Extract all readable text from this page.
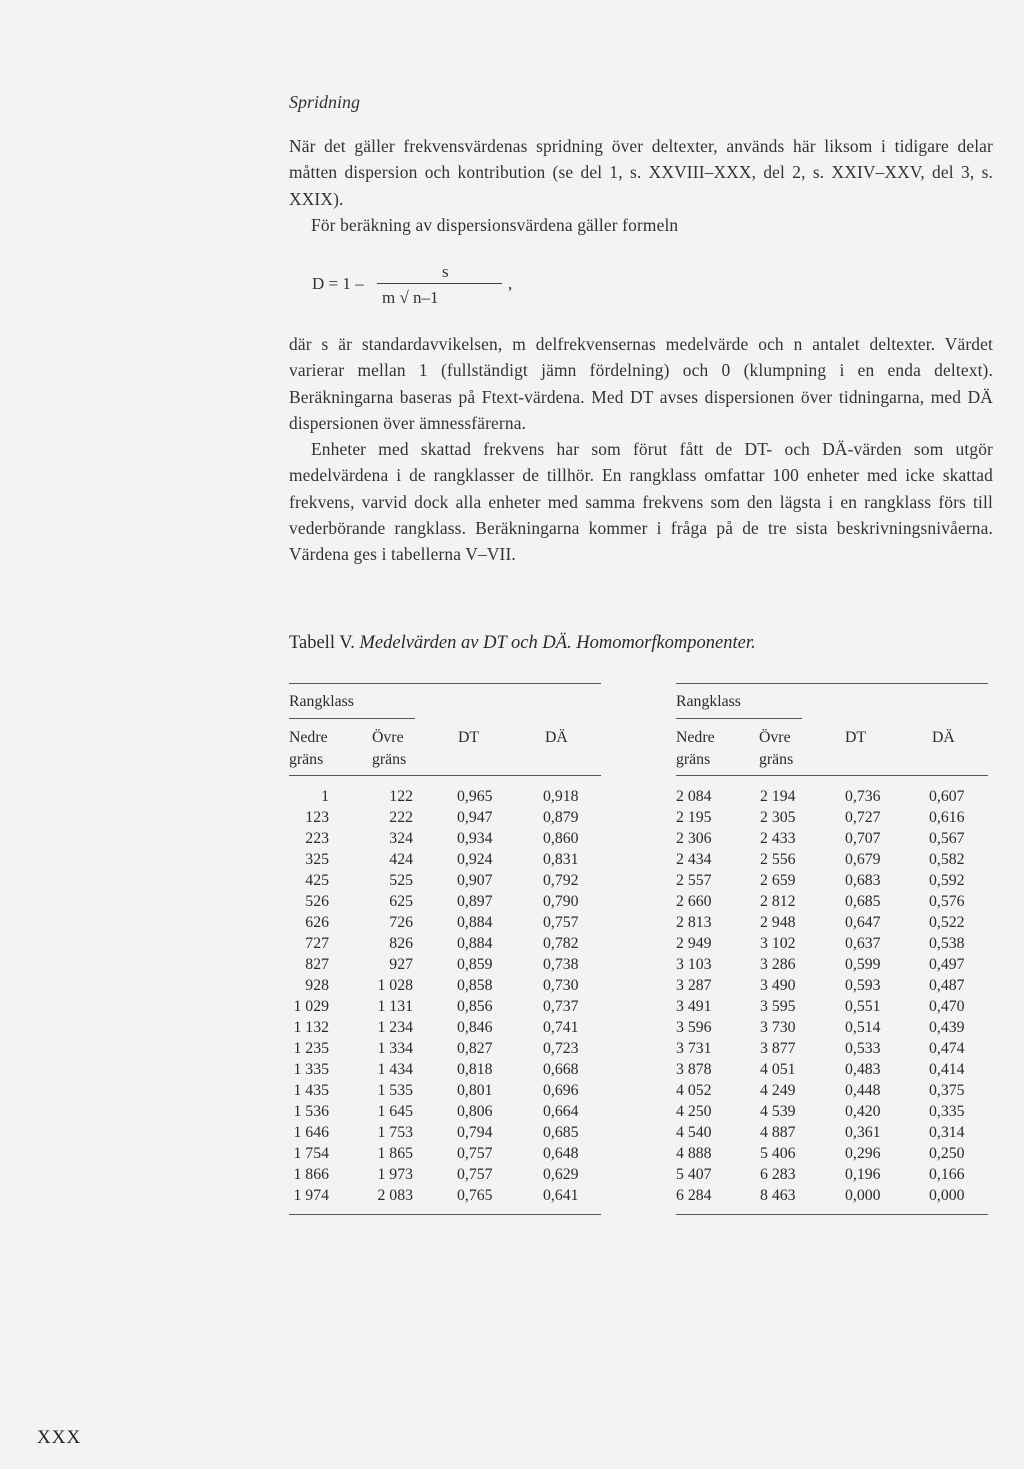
Spridning

När det gäller frekvensvärdenas spridning över deltexter, används här liksom i tidigare delar måtten dispersion och kontribution (se del 1, s. XXVIII–XXX, del 2, s. XXIV–XXV, del 3, s. XXIX).

För beräkning av dispersionsvärdena gäller formeln

D = 1 –
s
m √ n–1
,

där s är standardavvikelsen, m delfrekvensernas medelvärde och n antalet deltexter. Värdet varierar mellan 1 (fullständigt jämn fördelning) och 0 (klumpning i en enda deltext). Beräkningarna baseras på Ftext-värdena. Med DT avses dispersionen över tidningarna, med DÄ dispersionen över ämnessfärerna.

Enheter med skattad frekvens har som förut fått de DT- och DÄ-värden som utgör medelvärdena i de rangklasser de tillhör. En rangklass omfattar 100 enheter med icke skattad frekvens, varvid dock alla enheter med samma frekvens som den lägsta i en rangklass förs till vederbörande rangklass. Beräkningarna kommer i fråga på de tre sista beskrivningsnivåerna. Värdena ges i tabellerna V–VII.

Tabell V. Medelvärden av DT och DÄ. Homomorfkomponenter.
Rangklass
Nedre
gräns
Övre
gräns
DT	DÄ
1	122	0,965	0,918
123	222	0,947	0,879
223	324	0,934	0,860
325	424	0,924	0,831
425	525	0,907	0,792
526	625	0,897	0,790
626	726	0,884	0,757
727	826	0,884	0,782
827	927	0,859	0,738
928	1 028	0,858	0,730
1 029	1 131	0,856	0,737
1 132	1 234	0,846	0,741
1 235	1 334	0,827	0,723
1 335	1 434	0,818	0,668
1 435	1 535	0,801	0,696
1 536	1 645	0,806	0,664
1 646	1 753	0,794	0,685
1 754	1 865	0,757	0,648
1 866	1 973	0,757	0,629
1 974	2 083	0,765	0,641
Rangklass
Nedre
gräns
Övre
gräns
DT	DÄ
2 084	2 194	0,736	0,607
2 195	2 305	0,727	0,616
2 306	2 433	0,707	0,567
2 434	2 556	0,679	0,582
2 557	2 659	0,683	0,592
2 660	2 812	0,685	0,576
2 813	2 948	0,647	0,522
2 949	3 102	0,637	0,538
3 103	3 286	0,599	0,497
3 287	3 490	0,593	0,487
3 491	3 595	0,551	0,470
3 596	3 730	0,514	0,439
3 731	3 877	0,533	0,474
3 878	4 051	0,483	0,414
4 052	4 249	0,448	0,375
4 250	4 539	0,420	0,335
4 540	4 887	0,361	0,314
4 888	5 406	0,296	0,250
5 407	6 283	0,196	0,166
6 284	8 463	0,000	0,000
XXX
